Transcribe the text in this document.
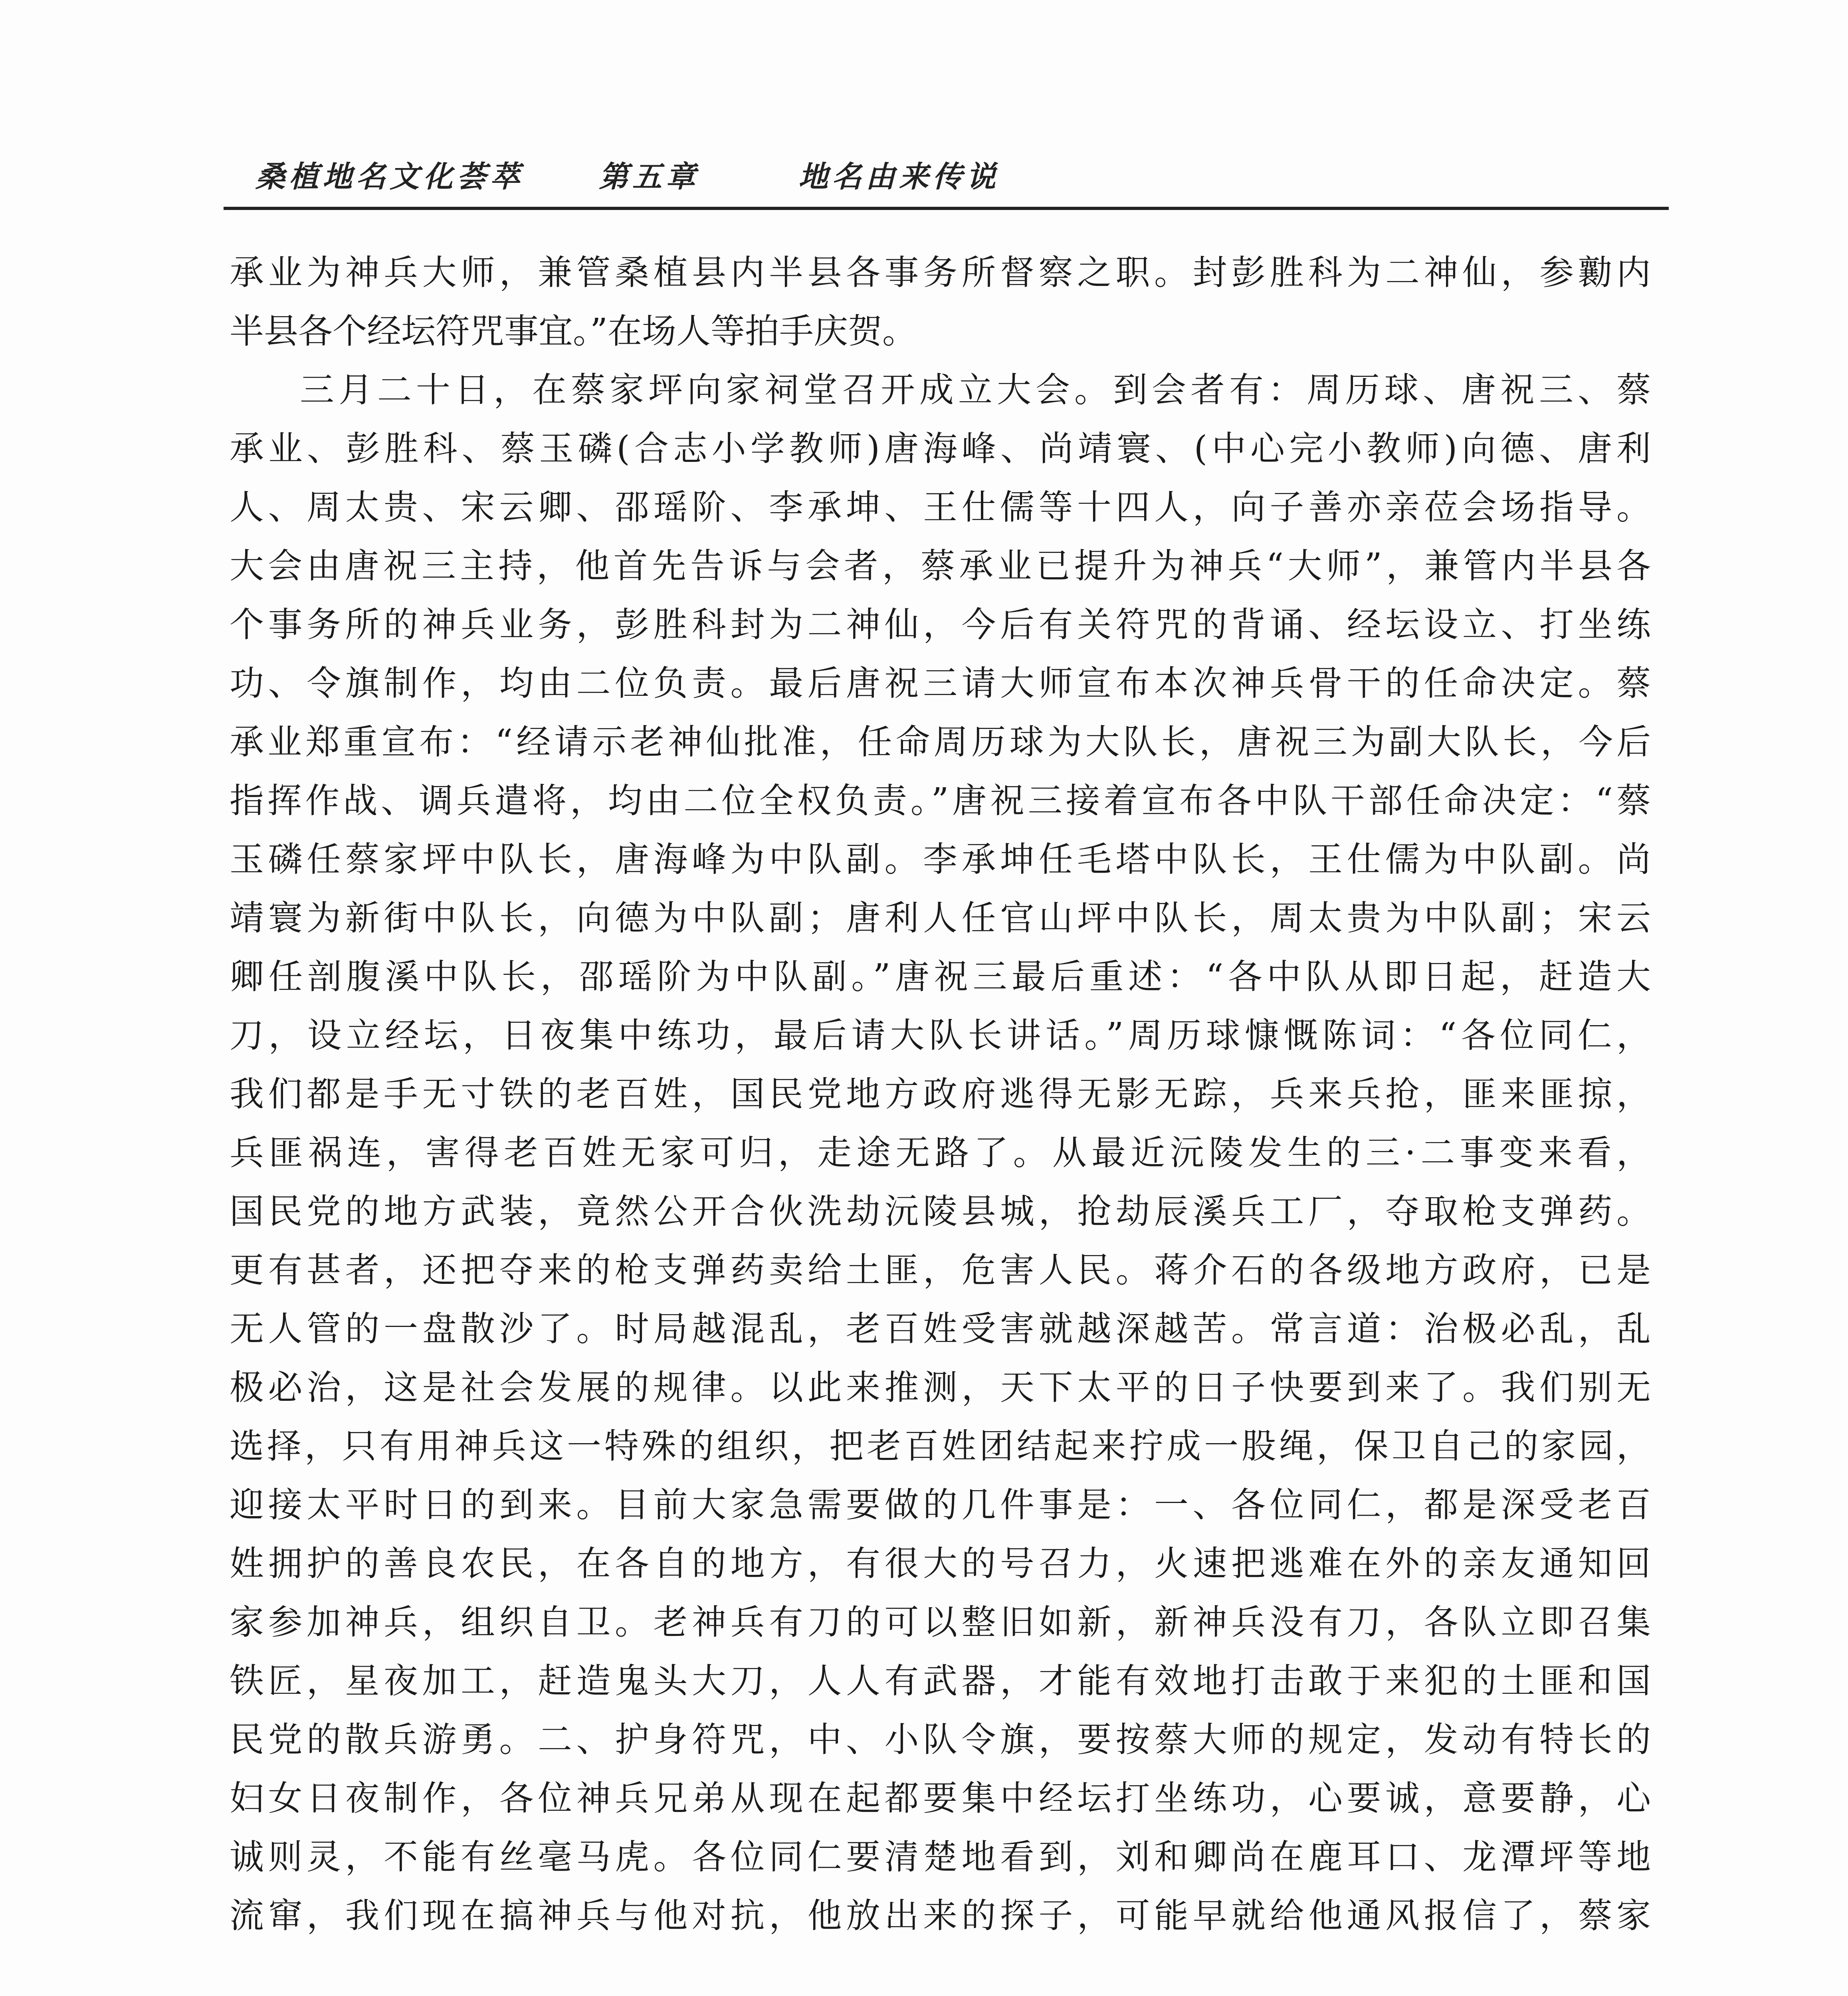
桑植地名文化荟萃	第五章	地名由来传说
承业为神兵大师，兼管桑植县内半县各事务所督察之职。封彭胜科为二神仙，参勷内
半县各个经坛符咒事宜。”在场人等拍手庆贺。
三月二十日，在蔡家坪向家祠堂召开成立大会。到会者有：周历球、唐祝三、蔡
承业、彭胜科、蔡玉磷(合志小学教师)唐海峰、尚靖寰、(中心完小教师)向德、唐利
人、周太贵、宋云卿、邵瑶阶、李承坤、王仕儒等十四人，向子善亦亲莅会场指导。
大会由唐祝三主持，他首先告诉与会者，蔡承业已提升为神兵“大师”，兼管内半县各
个事务所的神兵业务，彭胜科封为二神仙，今后有关符咒的背诵、经坛设立、打坐练
功、令旗制作，均由二位负责。最后唐祝三请大师宣布本次神兵骨干的任命决定。蔡
承业郑重宣布：“经请示老神仙批准，任命周历球为大队长，唐祝三为副大队长，今后
指挥作战、调兵遣将，均由二位全权负责。”唐祝三接着宣布各中队干部任命决定：“蔡
玉磷任蔡家坪中队长，唐海峰为中队副。李承坤任毛塔中队长，王仕儒为中队副。尚
靖寰为新街中队长，向德为中队副；唐利人任官山坪中队长，周太贵为中队副；宋云
卿任剖腹溪中队长，邵瑶阶为中队副。”唐祝三最后重述：“各中队从即日起，赶造大
刀，设立经坛，日夜集中练功，最后请大队长讲话。”周历球慷慨陈词：“各位同仁，
我们都是手无寸铁的老百姓，国民党地方政府逃得无影无踪，兵来兵抢，匪来匪掠，
兵匪祸连，害得老百姓无家可归，走途无路了。从最近沅陵发生的三·二事变来看，
国民党的地方武装，竟然公开合伙洗劫沅陵县城，抢劫辰溪兵工厂，夺取枪支弹药。
更有甚者，还把夺来的枪支弹药卖给土匪，危害人民。蒋介石的各级地方政府，已是
无人管的一盘散沙了。时局越混乱，老百姓受害就越深越苦。常言道：治极必乱，乱
极必治，这是社会发展的规律。以此来推测，天下太平的日子快要到来了。我们别无
选择，只有用神兵这一特殊的组织，把老百姓团结起来拧成一股绳，保卫自己的家园，
迎接太平时日的到来。目前大家急需要做的几件事是：一、各位同仁，都是深受老百
姓拥护的善良农民，在各自的地方，有很大的号召力，火速把逃难在外的亲友通知回
家参加神兵，组织自卫。老神兵有刀的可以整旧如新，新神兵没有刀，各队立即召集
铁匠，星夜加工，赶造鬼头大刀，人人有武器，才能有效地打击敢于来犯的土匪和国
民党的散兵游勇。二、护身符咒，中、小队令旗，要按蔡大师的规定，发动有特长的
妇女日夜制作，各位神兵兄弟从现在起都要集中经坛打坐练功，心要诚，意要静，心
诚则灵，不能有丝毫马虎。各位同仁要清楚地看到，刘和卿尚在鹿耳口、龙潭坪等地
流窜，我们现在搞神兵与他对抗，他放出来的探子，可能早就给他通风报信了，蔡家
